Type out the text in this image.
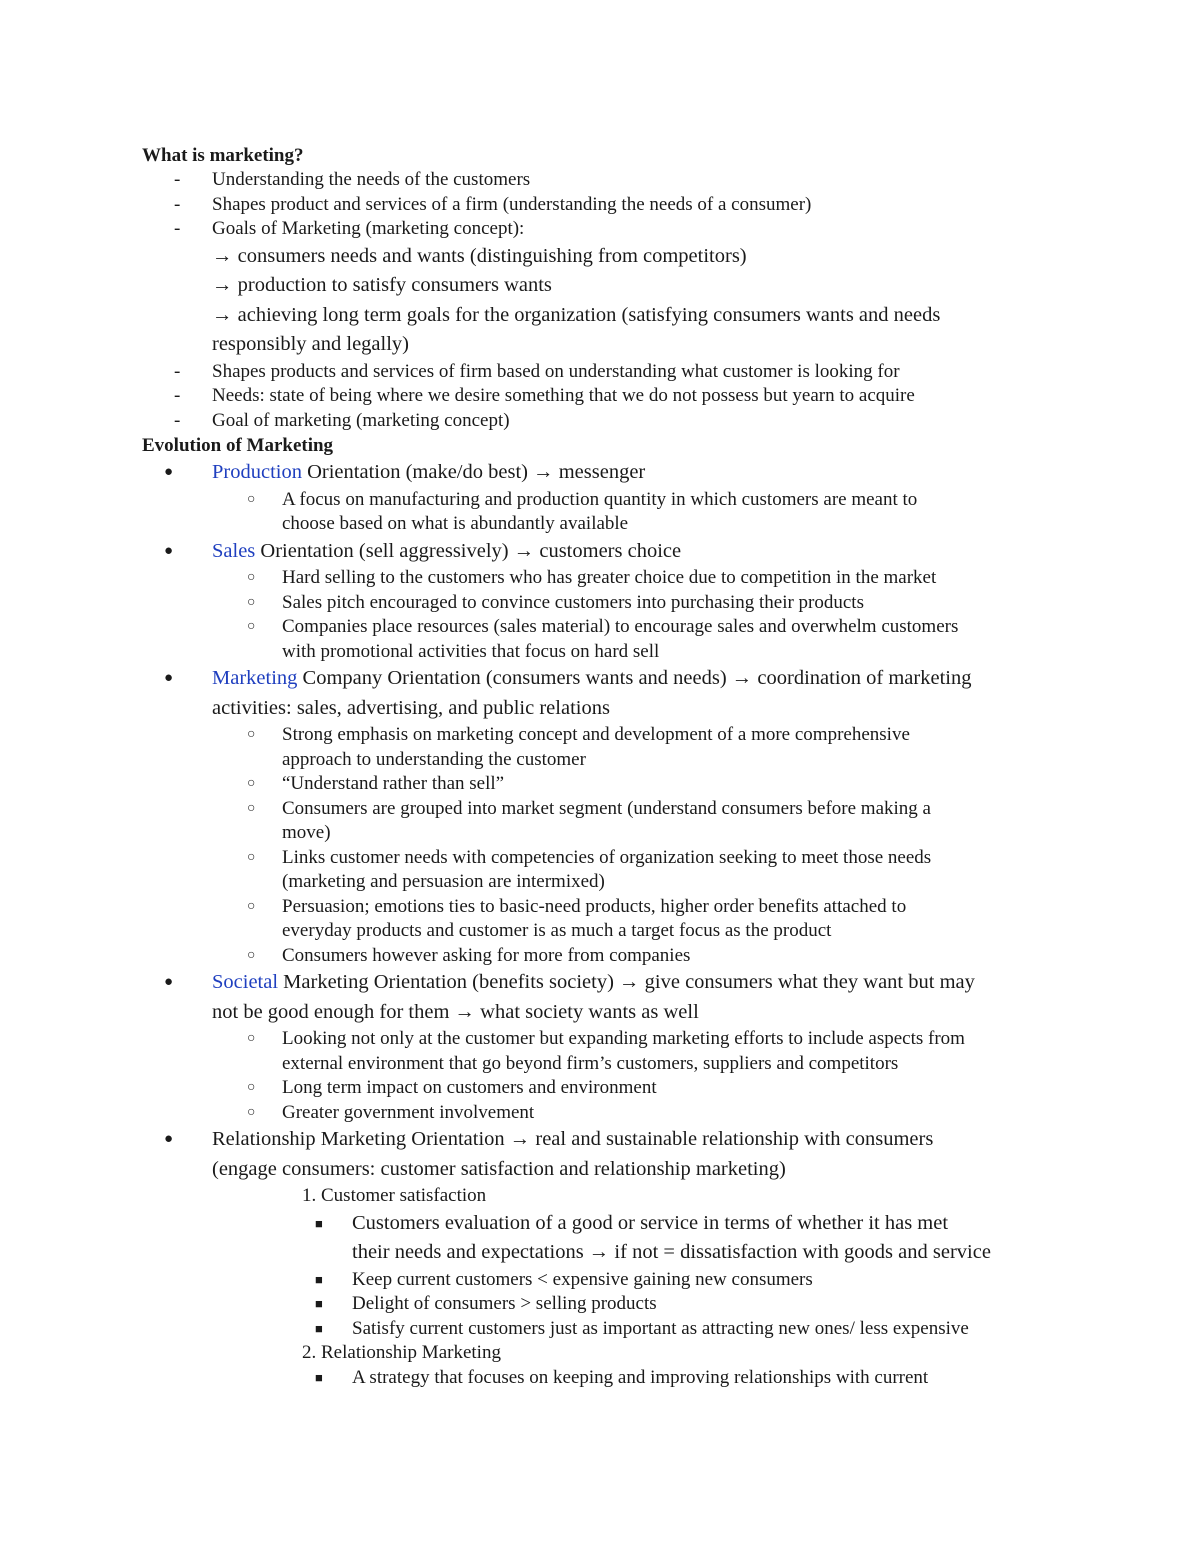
What is marketing?
- Understanding the needs of the customers
- Shapes product and services of a firm (understanding the needs of a consumer)
- Goals of Marketing (marketing concept):
→ consumers needs and wants (distinguishing from competitors)
→ production to satisfy consumers wants
→ achieving long term goals for the organization (satisfying consumers wants and needs
responsibly and legally)
- Shapes products and services of firm based on understanding what customer is looking for
- Needs: state of being where we desire something that we do not possess but yearn to acquire
- Goal of marketing (marketing concept)
Evolution of Marketing
● Production Orientation (make/do best) → messenger
○ A focus on manufacturing and production quantity in which customers are meant to
choose based on what is abundantly available
● Sales Orientation (sell aggressively) → customers choice
○ Hard selling to the customers who has greater choice due to competition in the market
○ Sales pitch encouraged to convince customers into purchasing their products
○ Companies place resources (sales material) to encourage sales and overwhelm customers
with promotional activities that focus on hard sell
● Marketing Company Orientation (consumers wants and needs) → coordination of marketing
activities: sales, advertising, and public relations
○ Strong emphasis on marketing concept and development of a more comprehensive
approach to understanding the customer
○ “Understand rather than sell”
○ Consumers are grouped into market segment (understand consumers before making a
move)
○ Links customer needs with competencies of organization seeking to meet those needs
(marketing and persuasion are intermixed)
○ Persuasion; emotions ties to basic-need products, higher order benefits attached to
everyday products and customer is as much a target focus as the product
○ Consumers however asking for more from companies
● Societal Marketing Orientation (benefits society) → give consumers what they want but may
not be good enough for them → what society wants as well
○ Looking not only at the customer but expanding marketing efforts to include aspects from
external environment that go beyond firm’s customers, suppliers and competitors
○ Long term impact on customers and environment
○ Greater government involvement
● Relationship Marketing Orientation → real and sustainable relationship with consumers
(engage consumers: customer satisfaction and relationship marketing)
1. Customer satisfaction
■ Customers evaluation of a good or service in terms of whether it has met
their needs and expectations → if not = dissatisfaction with goods and service
■ Keep current customers < expensive gaining new consumers
■ Delight of consumers > selling products
■ Satisfy current customers just as important as attracting new ones/ less expensive
2. Relationship Marketing
■ A strategy that focuses on keeping and improving relationships with current
